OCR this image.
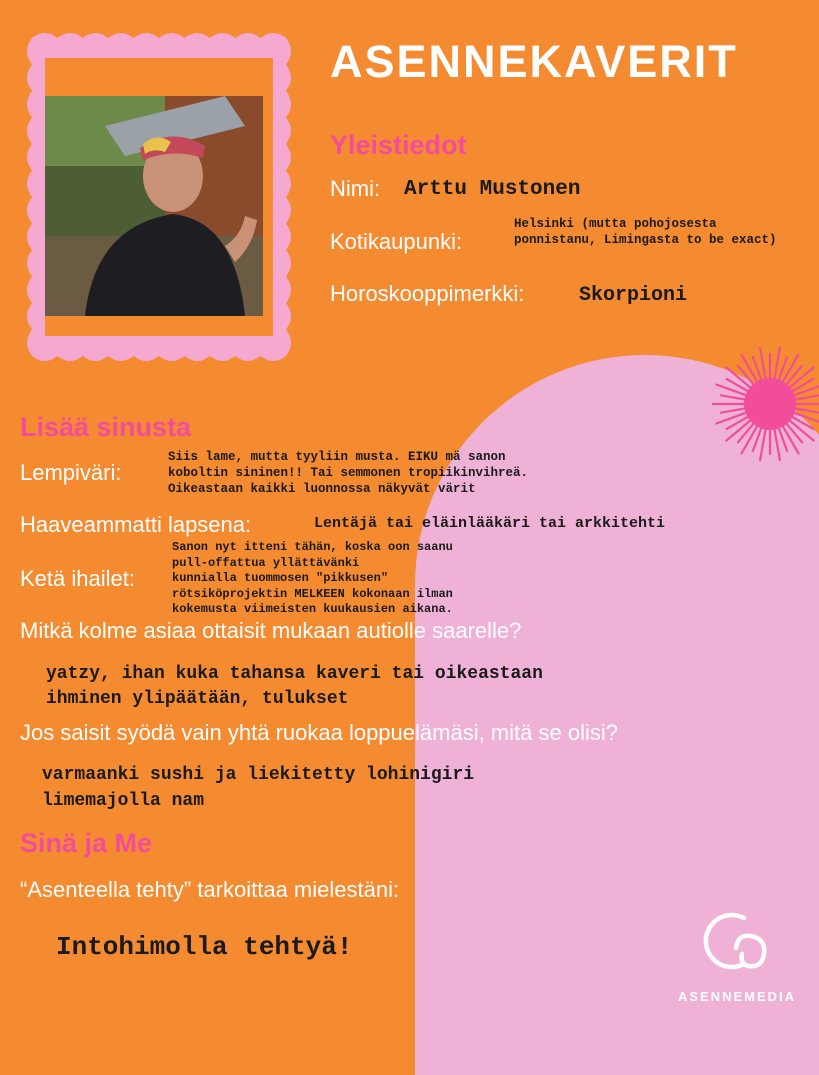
ASENNEKAVERIT
Yleistiedot
Nimi: Arttu Mustonen
Kotikaupunki:
Helsinki (mutta pohojosesta
ponnistanu, Limingasta to be exact)
Horoskooppimerkki:	Skorpioni
Lisää sinusta
Lempiväri:
Siis lame, mutta tyyliin musta. EIKU mä sanon
koboltin sininen!! Tai semmonen tropiikinvihreä.
Oikeastaan kaikki luonnossa näkyvät värit
Haaveammatti lapsena:	Lentäjä tai eläinlääkäri tai arkkitehti
Ketä ihailet:
Sanon nyt itteni tähän, koska oon saanu
pull-offattua yllättävänki
kunnialla tuommosen "pikkusen"
rötsiköprojektin MELKEEN kokonaan ilman
kokemusta viimeisten kuukausien aikana.
Mitkä kolme asiaa ottaisit mukaan autiolle saarelle?
yatzy, ihan kuka tahansa kaveri tai oikeastaan
ihminen ylipäätään, tulukset
Jos saisit syödä vain yhtä ruokaa loppuelämäsi, mitä se olisi?
varmaanki sushi ja liekitetty lohinigiri
limemajolla nam
Sinä ja Me
“Asenteella tehty” tarkoittaa mielestäni:
Intohimolla tehtyä!
ASENNEMEDIA
